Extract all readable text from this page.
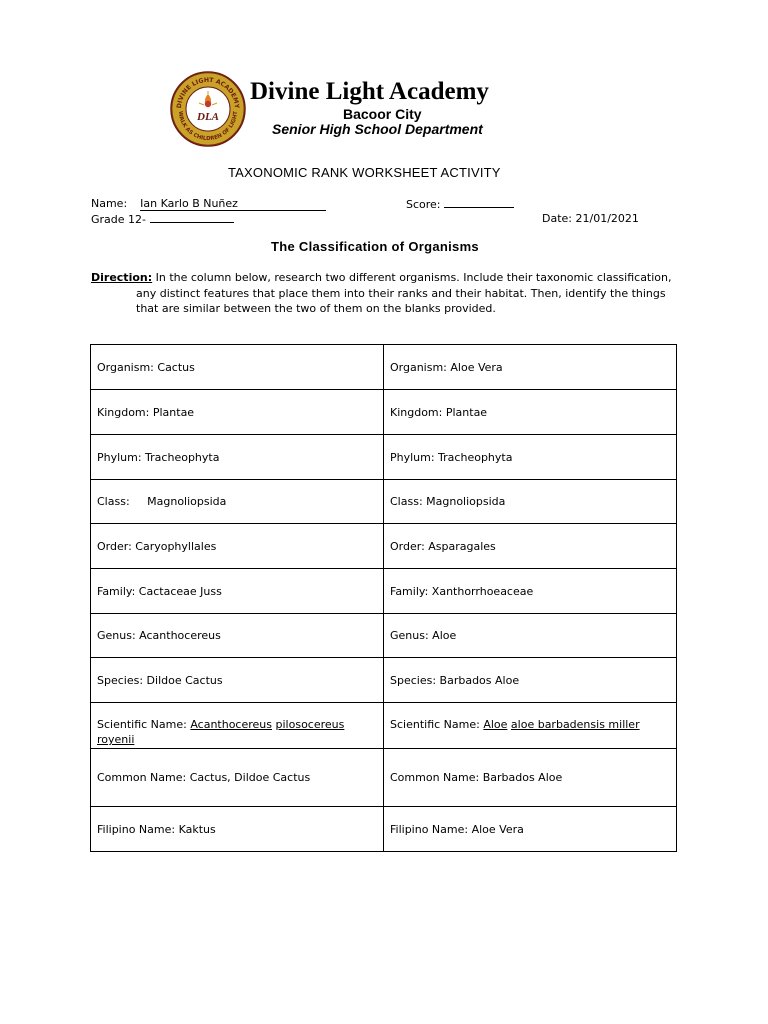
DIVINE LIGHT ACADEMY
WALK AS CHILDREN OF LIGHT
DLA
Divine Light Academy
Bacoor City
Senior High School Department
TAXONOMIC RANK WORKSHEET ACTIVITY
Name: Ian Karlo B Nuñez	Score:
Grade 12-	Date: 21/01/2021
The Classification of Organisms
Direction: In the column below, research two different organisms. Include their taxonomic classification,
any distinct features that place them into their ranks and their habitat. Then, identify the things
that are similar between the two of them on the blanks provided.
Organism: Cactus	Organism: Aloe Vera
Kingdom: Plantae	Kingdom: Plantae
Phylum: Tracheophyta	Phylum: Tracheophyta
Class:     Magnoliopsida	Class: Magnoliopsida
Order: Caryophyllales	Order: Asparagales
Family: Cactaceae Juss	Family: Xanthorrhoeaceae
Genus: Acanthocereus	Genus: Aloe
Species: Dildoe Cactus	Species: Barbados Aloe
Scientific Name: Acanthocereus pilosocereus
royenii	Scientific Name: Aloe aloe barbadensis miller
Common Name: Cactus, Dildoe Cactus	Common Name: Barbados Aloe
Filipino Name: Kaktus	Filipino Name: Aloe Vera
